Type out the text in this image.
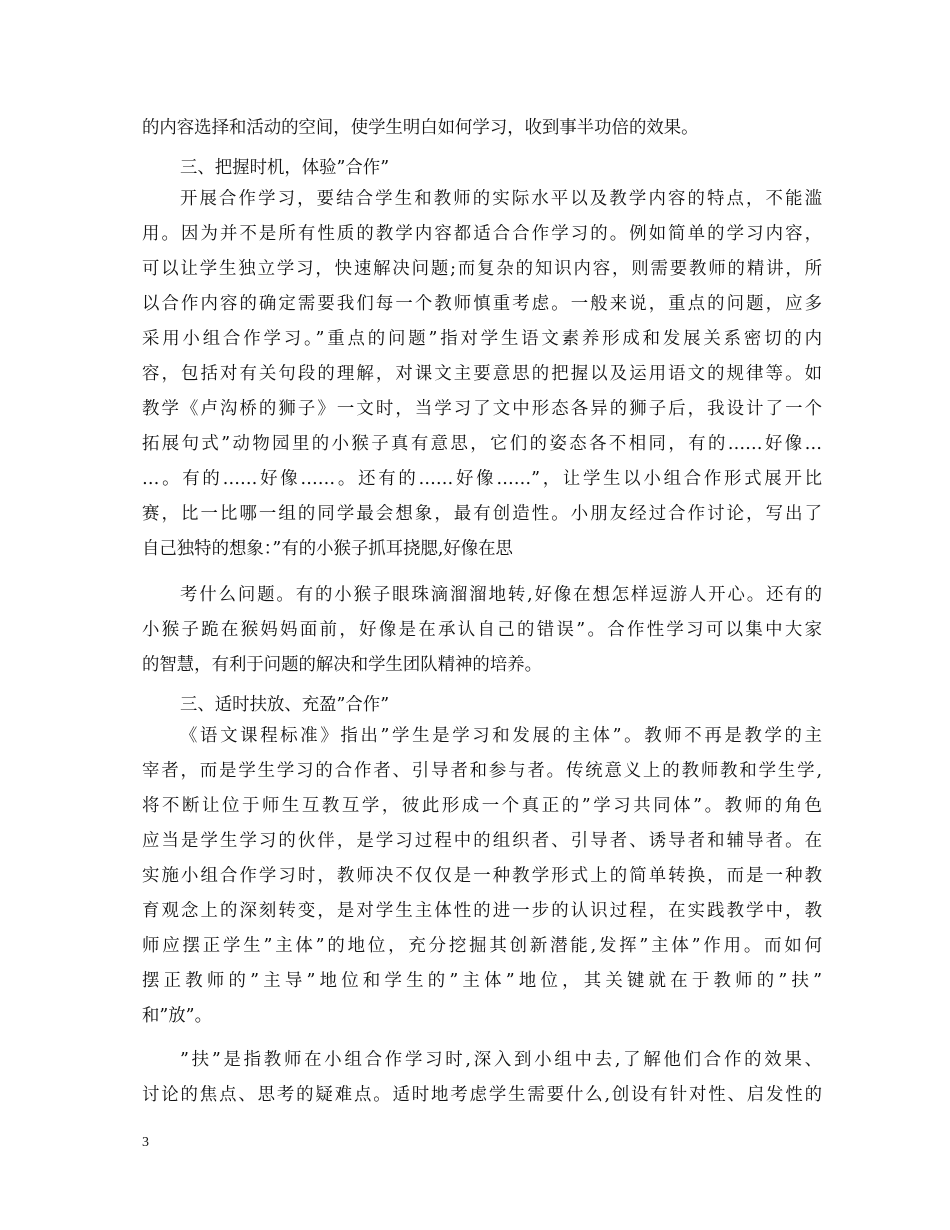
的内容选择和活动的空间，使学生明白如何学习，收到事半功倍的效果。
三、把握时机，体验”合作”
开展合作学习，要结合学生和教师的实际水平以及教学内容的特点，不能滥
用。因为并不是所有性质的教学内容都适合合作学习的。例如简单的学习内容，
可以让学生独立学习，快速解决问题;而复杂的知识内容，则需要教师的精讲，所
以合作内容的确定需要我们每一个教师慎重考虑。一般来说，重点的问题，应多
采用小组合作学习。”重点的问题”指对学生语文素养形成和发展关系密切的内
容，包括对有关句段的理解，对课文主要意思的把握以及运用语文的规律等。如
教学《卢沟桥的狮子》一文时，当学习了文中形态各异的狮子后，我设计了一个
拓展句式”动物园里的小猴子真有意思，它们的姿态各不相同，有的……好像…
…。有的……好像……。还有的……好像……”，让学生以小组合作形式展开比
赛，比一比哪一组的同学最会想象，最有创造性。小朋友经过合作讨论，写出了
自己独特的想象：”有的小猴子抓耳挠腮,好像在思
考什么问题。有的小猴子眼珠滴溜溜地转,好像在想怎样逗游人开心。还有的
小猴子跪在猴妈妈面前，好像是在承认自己的错误”。合作性学习可以集中大家
的智慧，有利于问题的解决和学生团队精神的培养。
三、适时扶放、充盈”合作”
《语文课程标准》指出”学生是学习和发展的主体”。教师不再是教学的主
宰者，而是学生学习的合作者、引导者和参与者。传统意义上的教师教和学生学,
将不断让位于师生互教互学，彼此形成一个真正的”学习共同体”。教师的角色
应当是学生学习的伙伴，是学习过程中的组织者、引导者、诱导者和辅导者。在
实施小组合作学习时，教师决不仅仅是一种教学形式上的简单转换，而是一种教
育观念上的深刻转变，是对学生主体性的进一步的认识过程，在实践教学中，教
师应摆正学生”主体”的地位，充分挖掘其创新潜能,发挥”主体”作用。而如何
摆正教师的”主导”地位和学生的”主体”地位，其关键就在于教师的”扶”
和”放”。
”扶”是指教师在小组合作学习时,深入到小组中去,了解他们合作的效果、
讨论的焦点、思考的疑难点。适时地考虑学生需要什么,创设有针对性、启发性的
3
